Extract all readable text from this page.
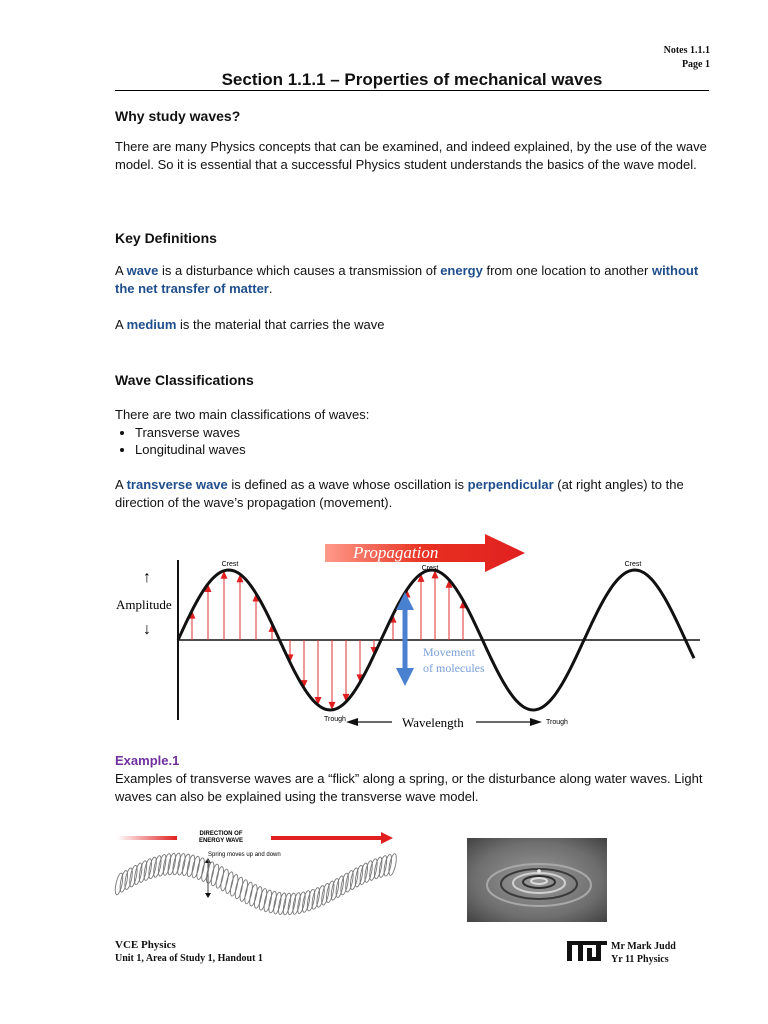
Notes 1.1.1
Page 1
Section 1.1.1 – Properties of mechanical waves
Why study waves?

There are many Physics concepts that can be examined, and indeed explained, by the use of the wave model. So it is essential that a successful Physics student understands the basics of the wave model.

Key Definitions

A wave is a disturbance which causes a transmission of energy from one location to another without the net transfer of matter.

A medium is the material that carries the wave

Wave Classifications

There are two main classifications of waves:

• Transverse waves
• Longitudinal waves

A transverse wave is defined as a wave whose oscillation is perpendicular (at right angles) to the direction of the wave’s propagation (movement).

Propagation
↑
Amplitude
↓
Crest
Crest
Crest
Trough	Trough
Movement
of molecules
Wavelength
Example.1

Examples of transverse waves are a “flick” along a spring, or the disturbance along water waves. Light waves can also be explained using the transverse wave model.

DIRECTION OF
ENERGY WAVE
Spring moves up and down
VCE Physics
Unit 1, Area of Study 1, Handout 1
Mr Mark Judd
Yr 11 Physics
